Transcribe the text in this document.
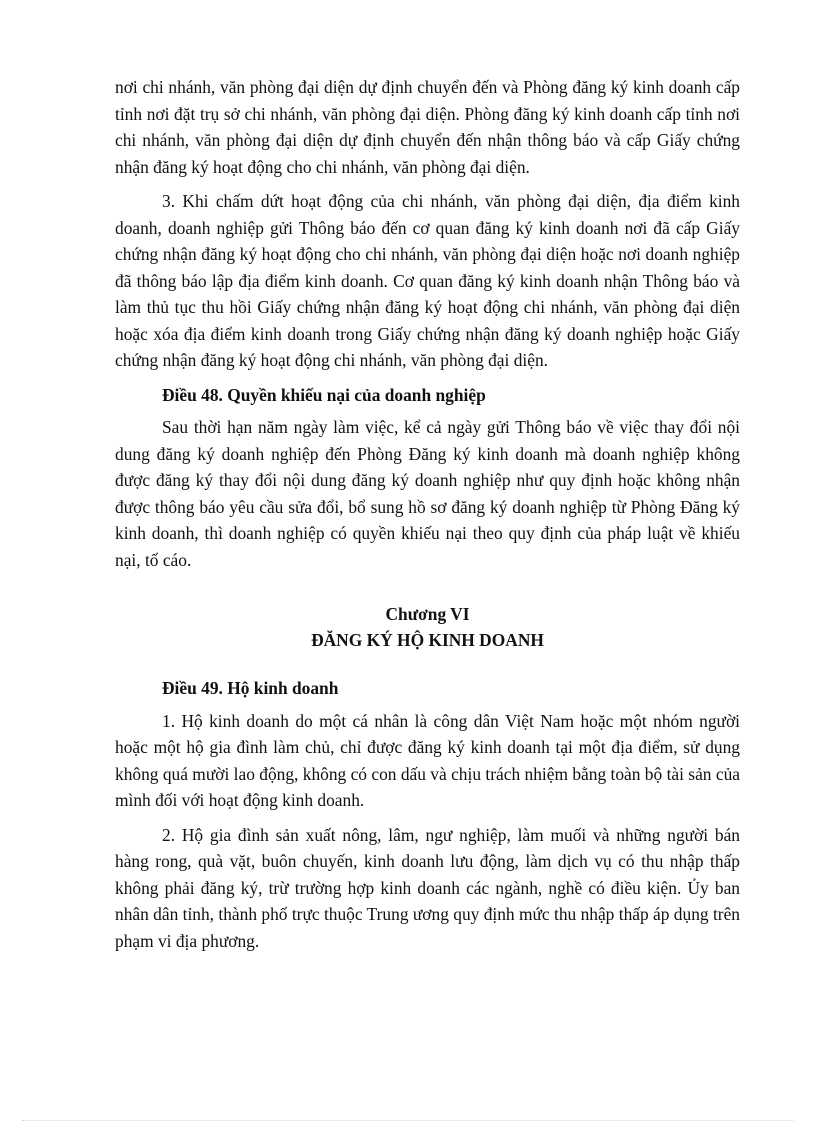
nơi chi nhánh, văn phòng đại diện dự định chuyển đến và Phòng đăng ký kinh doanh cấp tỉnh nơi đặt trụ sở chi nhánh, văn phòng đại diện. Phòng đăng ký kinh doanh cấp tỉnh nơi chi nhánh, văn phòng đại diện dự định chuyển đến nhận thông báo và cấp Giấy chứng nhận đăng ký hoạt động cho chi nhánh, văn phòng đại diện.

3. Khi chấm dứt hoạt động của chi nhánh, văn phòng đại diện, địa điểm kinh doanh, doanh nghiệp gửi Thông báo đến cơ quan đăng ký kinh doanh nơi đã cấp Giấy chứng nhận đăng ký hoạt động cho chi nhánh, văn phòng đại diện hoặc nơi doanh nghiệp đã thông báo lập địa điểm kinh doanh. Cơ quan đăng ký kinh doanh nhận Thông báo và làm thủ tục thu hồi Giấy chứng nhận đăng ký hoạt động chi nhánh, văn phòng đại diện hoặc xóa địa điểm kinh doanh trong Giấy chứng nhận đăng ký doanh nghiệp hoặc Giấy chứng nhận đăng ký hoạt động chi nhánh, văn phòng đại diện.

Điều 48. Quyền khiếu nại của doanh nghiệp

Sau thời hạn năm ngày làm việc, kể cả ngày gửi Thông báo về việc thay đổi nội dung đăng ký doanh nghiệp đến Phòng Đăng ký kinh doanh mà doanh nghiệp không được đăng ký thay đổi nội dung đăng ký doanh nghiệp như quy định hoặc không nhận được thông báo yêu cầu sửa đổi, bổ sung hồ sơ đăng ký doanh nghiệp từ Phòng Đăng ký kinh doanh, thì doanh nghiệp có quyền khiếu nại theo quy định của pháp luật về khiếu nại, tố cáo.

Chương VI

ĐĂNG KÝ HỘ KINH DOANH

Điều 49. Hộ kinh doanh

1. Hộ kinh doanh do một cá nhân là công dân Việt Nam hoặc một nhóm người hoặc một hộ gia đình làm chủ, chỉ được đăng ký kinh doanh tại một địa điểm, sử dụng không quá mười lao động, không có con dấu và chịu trách nhiệm bằng toàn bộ tài sản của mình đối với hoạt động kinh doanh.

2. Hộ gia đình sản xuất nông, lâm, ngư nghiệp, làm muối và những người bán hàng rong, quà vặt, buôn chuyến, kinh doanh lưu động, làm dịch vụ có thu nhập thấp không phải đăng ký, trừ trường hợp kinh doanh các ngành, nghề có điều kiện. Ủy ban nhân dân tỉnh, thành phố trực thuộc Trung ương quy định mức thu nhập thấp áp dụng trên phạm vi địa phương.
